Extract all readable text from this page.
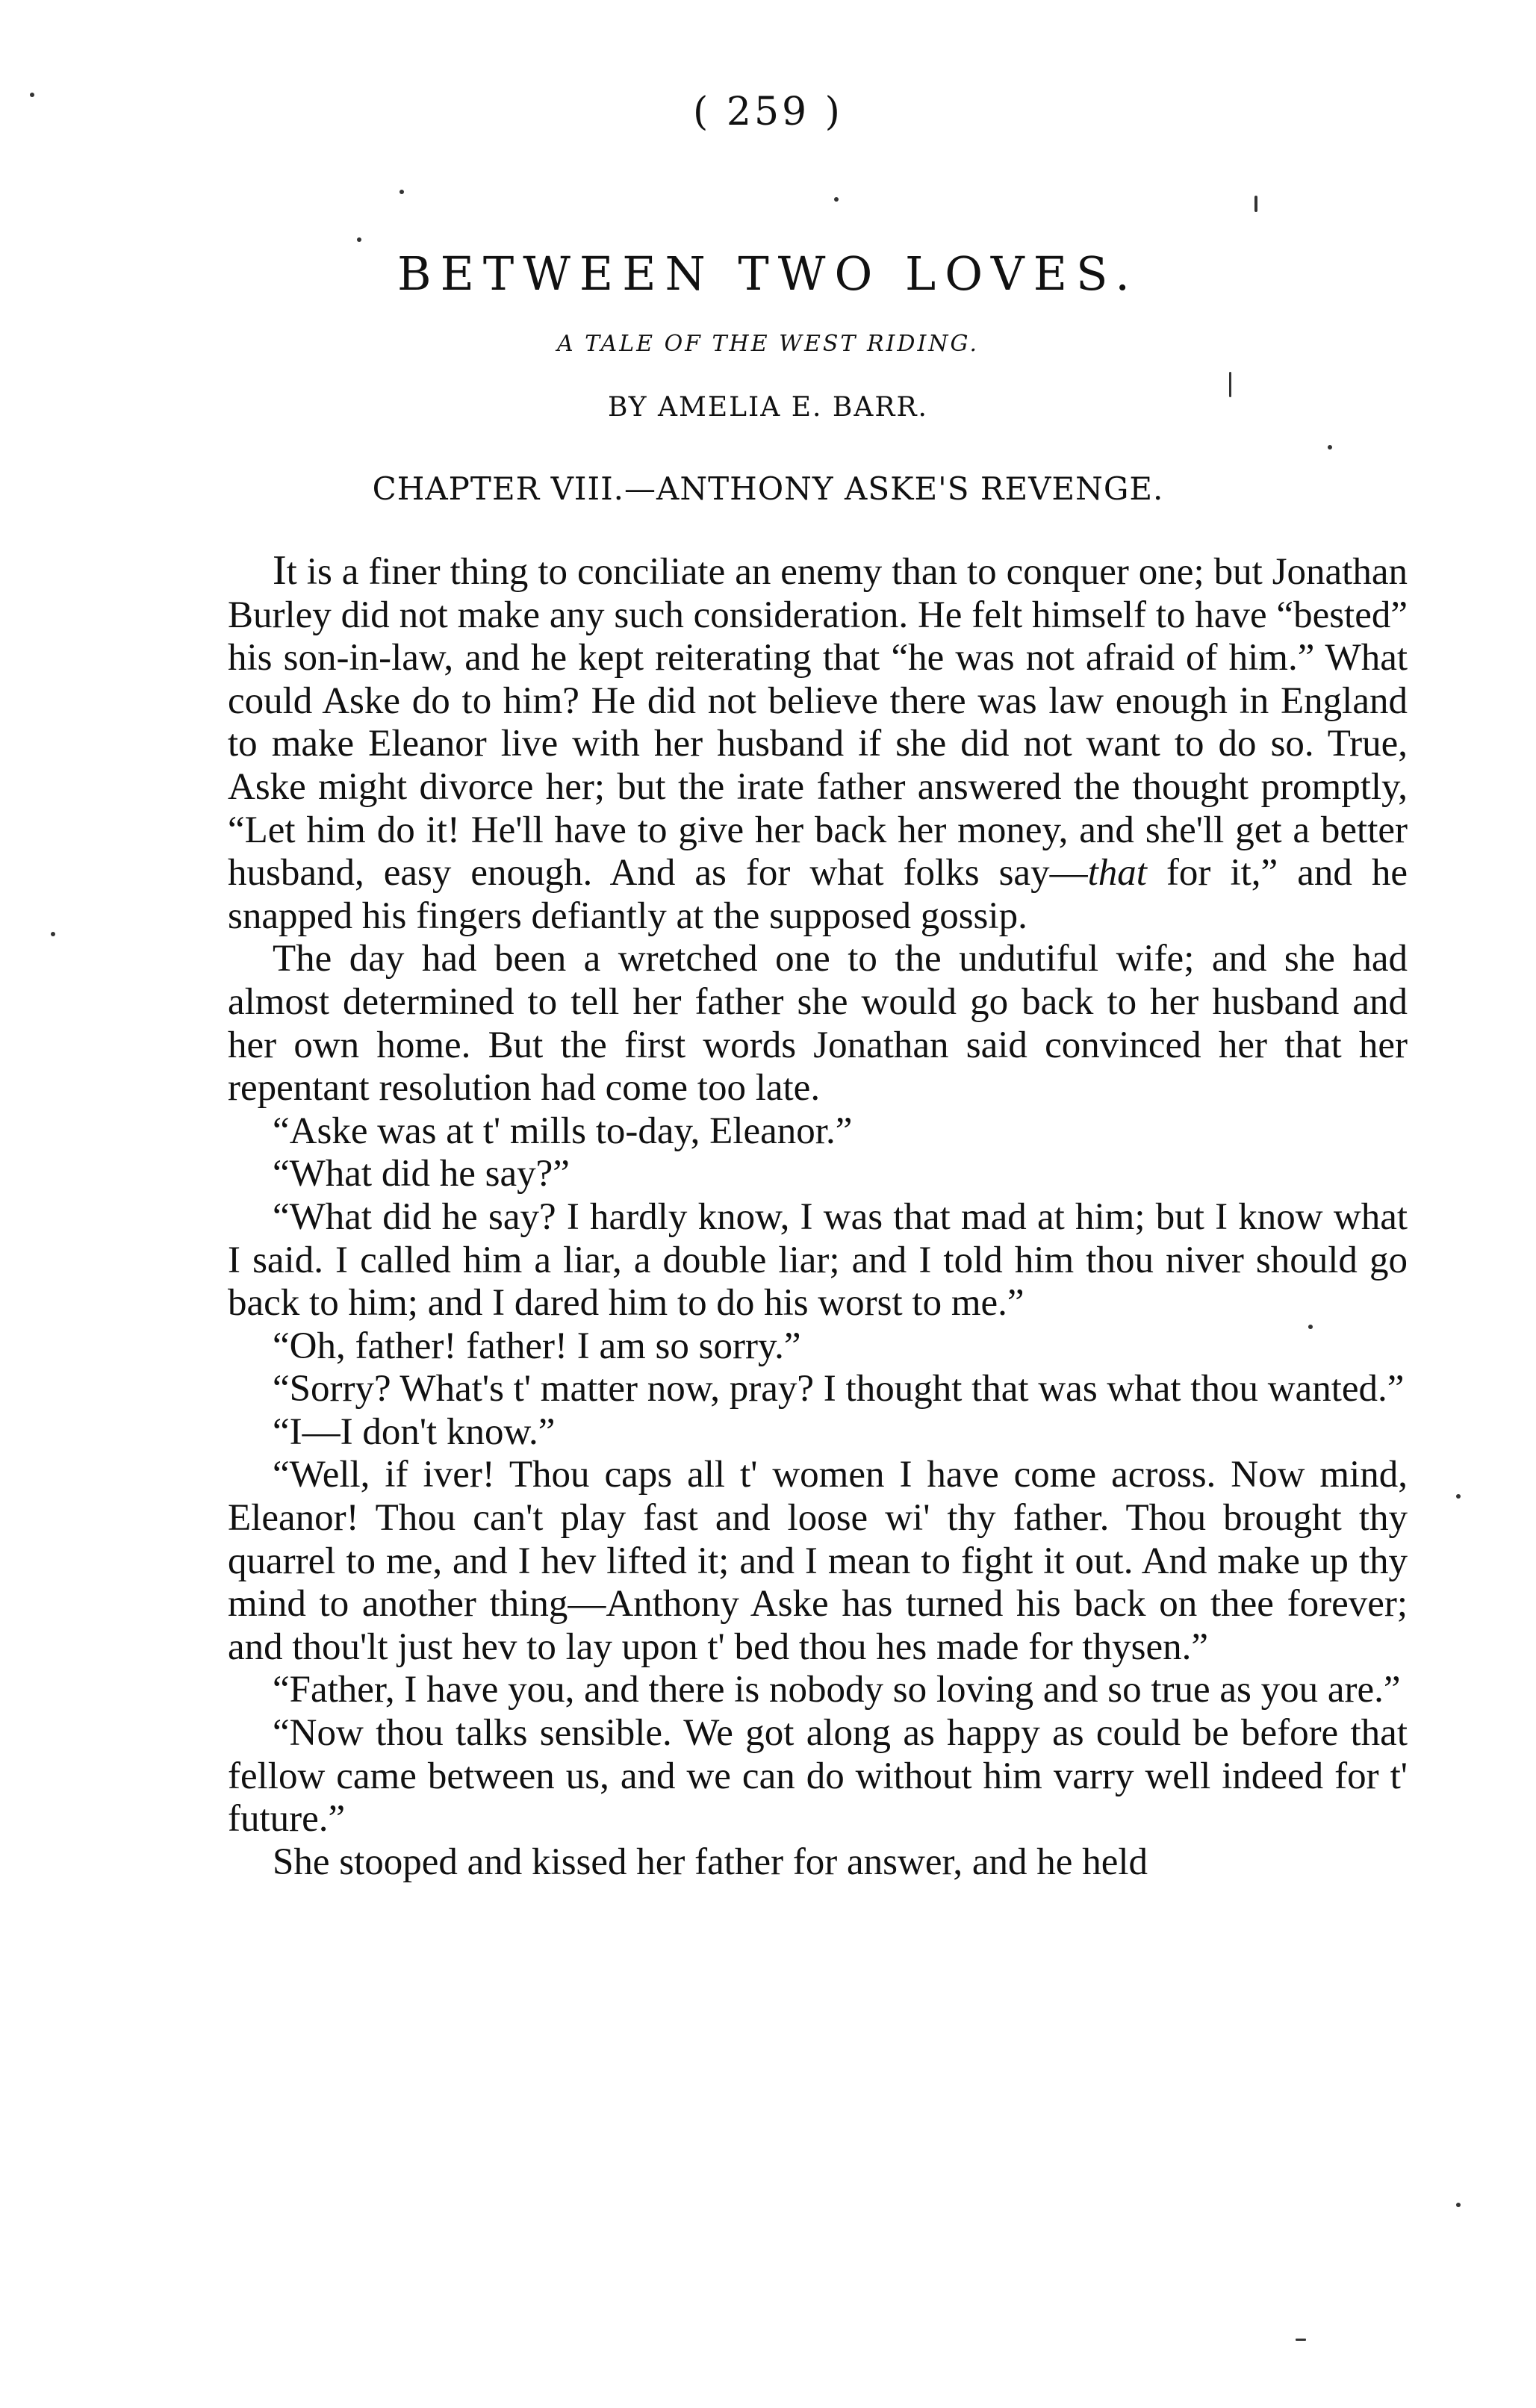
( 259 )
BETWEEN TWO LOVES.
A TALE OF THE WEST RIDING.
BY AMELIA E. BARR.
CHAPTER VIII.—ANTHONY ASKE'S REVENGE.

It is a finer thing to conciliate an enemy than to conquer one; but Jonathan Burley did not make any such consideration. He felt himself to have “bested” his son-in-law, and he kept reiterating that “he was not afraid of him.” What could Aske do to him? He did not believe there was law enough in England to make Eleanor live with her husband if she did not want to do so. True, Aske might divorce her; but the irate father answered the thought promptly, “Let him do it! He'll have to give her back her money, and she'll get a better husband, easy enough. And as for what folks say—that for it,” and he snapped his fingers defiantly at the supposed gossip.

The day had been a wretched one to the undutiful wife; and she had almost determined to tell her father she would go back to her husband and her own home. But the first words Jonathan said convinced her that her repentant resolution had come too late.

“Aske was at t' mills to-day, Eleanor.”

“What did he say?”

“What did he say? I hardly know, I was that mad at him; but I know what I said. I called him a liar, a double liar; and I told him thou niver should go back to him; and I dared him to do his worst to me.”

“Oh, father! father! I am so sorry.”

“Sorry? What's t' matter now, pray? I thought that was what thou wanted.”

“I—I don't know.”

“Well, if iver! Thou caps all t' women I have come across. Now mind, Eleanor! Thou can't play fast and loose wi' thy father. Thou brought thy quarrel to me, and I hev lifted it; and I mean to fight it out. And make up thy mind to another thing—Anthony Aske has turned his back on thee forever; and thou'lt just hev to lay upon t' bed thou hes made for thysen.”

“Father, I have you, and there is nobody so loving and so true as you are.”

“Now thou talks sensible. We got along as happy as could be before that fellow came between us, and we can do without him varry well indeed for t' future.”

She stooped and kissed her father for answer, and he held
